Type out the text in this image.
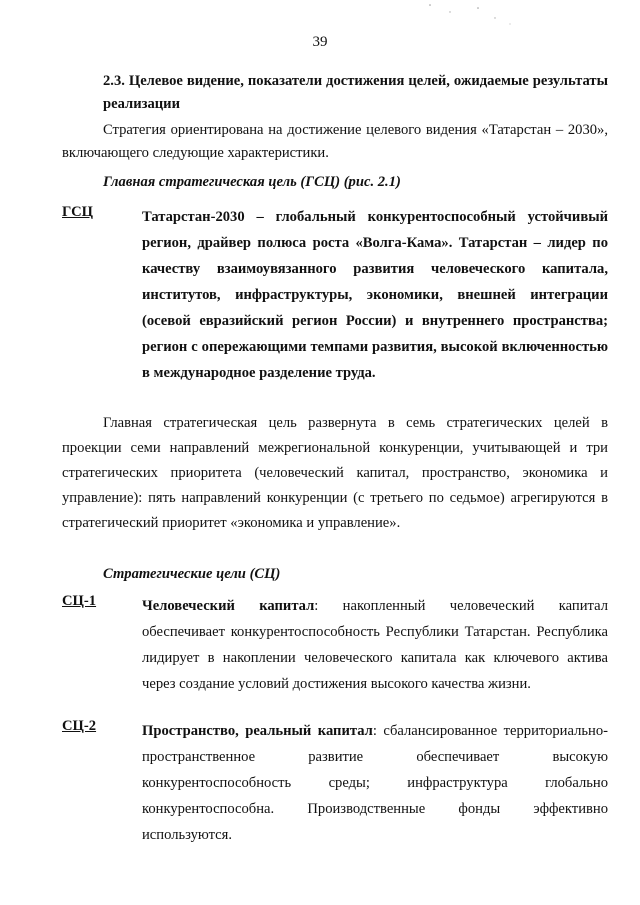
39
2.3. Целевое видение, показатели достижения целей, ожидаемые результаты реализации
Стратегия ориентирована на достижение целевого видения «Татарстан – 2030», включающего следующие характеристики.
Главная стратегическая цель (ГСЦ) (рис. 2.1)
ГСЦ	Татарстан-2030 – глобальный конкурентоспособный устойчивый регион, драйвер полюса роста «Волга-Кама». Татарстан – лидер по качеству взаимоувязанного развития человеческого капитала, институтов, инфраструктуры, экономики, внешней интеграции (осевой евразийский регион России) и внутреннего пространства; регион с опережающими темпами развития, высокой включенностью в международное разделение труда.
Главная стратегическая цель развернута в семь стратегических целей в проекции семи направлений межрегиональной конкуренции, учитывающей и три стратегических приоритета (человеческий капитал, пространство, экономика и управление): пять направлений конкуренции (с третьего по седьмое) агрегируются в стратегический приоритет «экономика и управление».
Стратегические цели (СЦ)
СЦ-1	Человеческий капитал: накопленный человеческий капитал обеспечивает конкурентоспособность Республики Татарстан. Республика лидирует в накоплении человеческого капитала как ключевого актива через создание условий достижения высокого качества жизни.
СЦ-2	Пространство, реальный капитал: сбалансированное территориально-пространственное развитие обеспечивает высокую конкурентоспособность среды; инфраструктура глобально конкурентоспособна. Производственные фонды эффективно используются.
